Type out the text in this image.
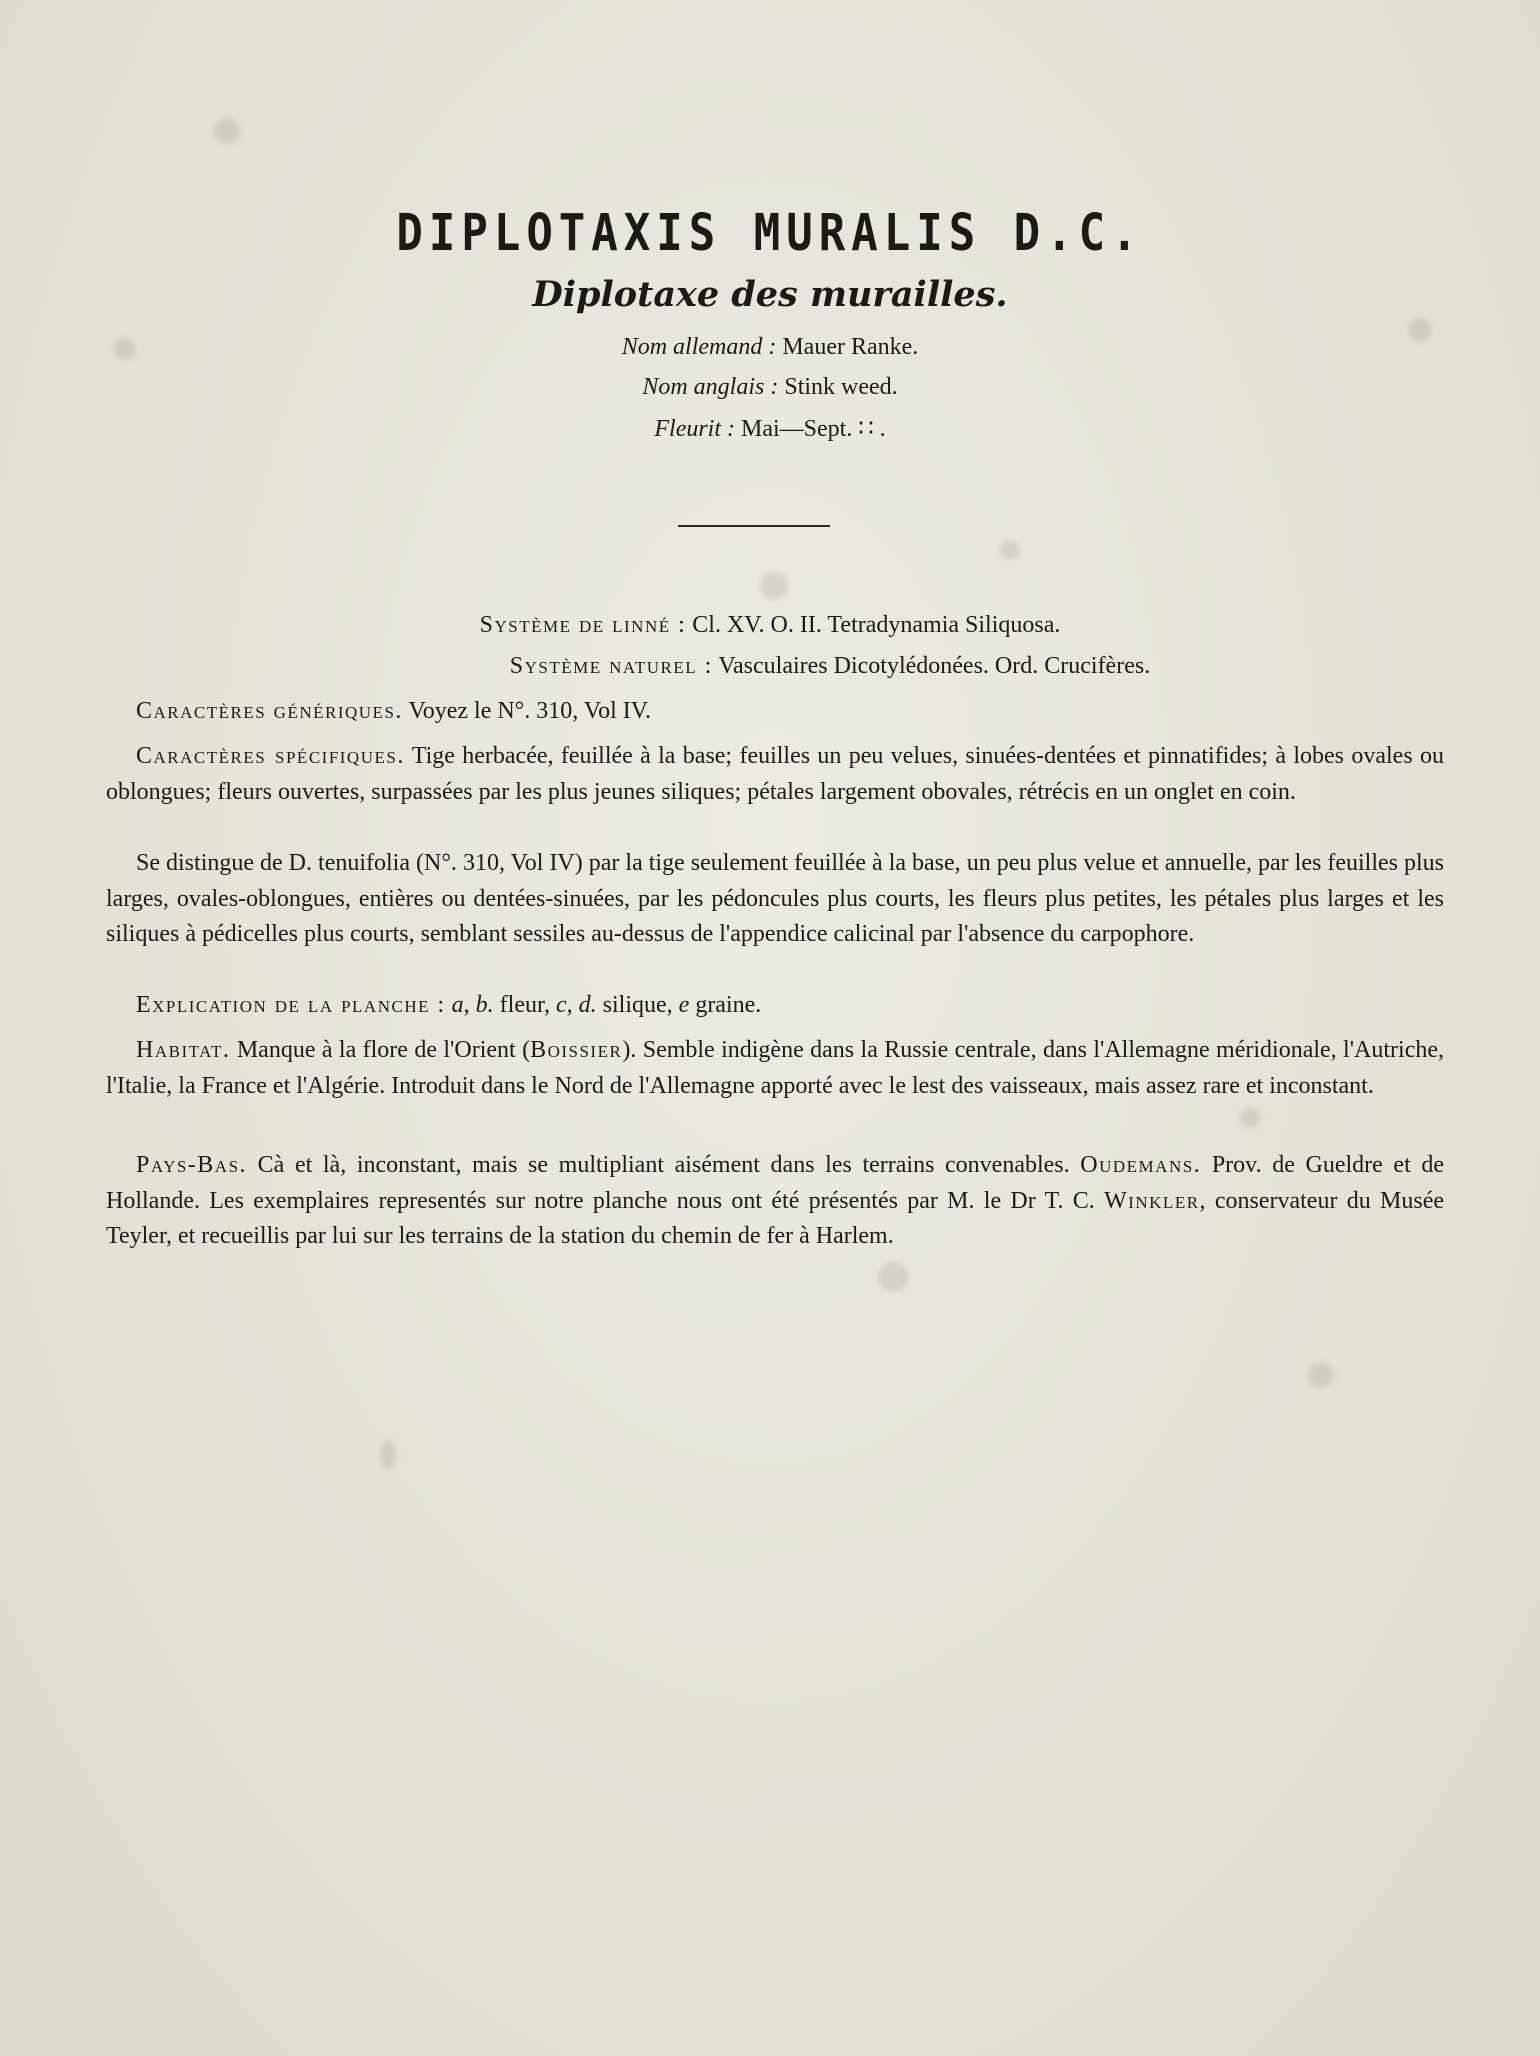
DIPLOTAXIS MURALIS D.C.
Diplotaxe des murailles.
Nom allemand : Mauer Ranke.
Nom anglais : Stink weed.
Fleurit : Mai—Sept. ∷ .
Système de linné : Cl. XV. O. II. Tetradynamia Siliquosa.
Système naturel : Vasculaires Dicotylédonées. Ord. Crucifères.
Caractères génériques. Voyez le N°. 310, Vol IV.
Caractères spécifiques. Tige herbacée, feuillée à la base; feuilles un peu velues, sinuées-dentées et pinnatifides; à lobes ovales ou oblongues; fleurs ouvertes, surpassées par les plus jeunes siliques; pétales largement obovales, rétrécis en un onglet en coin.
Se distingue de D. tenuifolia (N°. 310, Vol IV) par la tige seulement feuillée à la base, un peu plus velue et annuelle, par les feuilles plus larges, ovales-oblongues, entières ou dentées-sinuées, par les pédoncules plus courts, les fleurs plus petites, les pétales plus larges et les siliques à pédicelles plus courts, semblant sessiles au-dessus de l'appendice calicinal par l'absence du carpophore.
Explication de la planche : a, b. fleur, c, d. silique, e graine.
Habitat. Manque à la flore de l'Orient (Boissier). Semble indigène dans la Russie centrale, dans l'Allemagne méridionale, l'Autriche, l'Italie, la France et l'Algérie. Introduit dans le Nord de l'Allemagne apporté avec le lest des vaisseaux, mais assez rare et inconstant.
Pays-Bas. Cà et là, inconstant, mais se multipliant aisément dans les terrains convenables. Oudemans. Prov. de Gueldre et de Hollande. Les exemplaires representés sur notre planche nous ont été présentés par M. le Dr T. C. Winkler, conservateur du Musée Teyler, et recueillis par lui sur les terrains de la station du chemin de fer à Harlem.
